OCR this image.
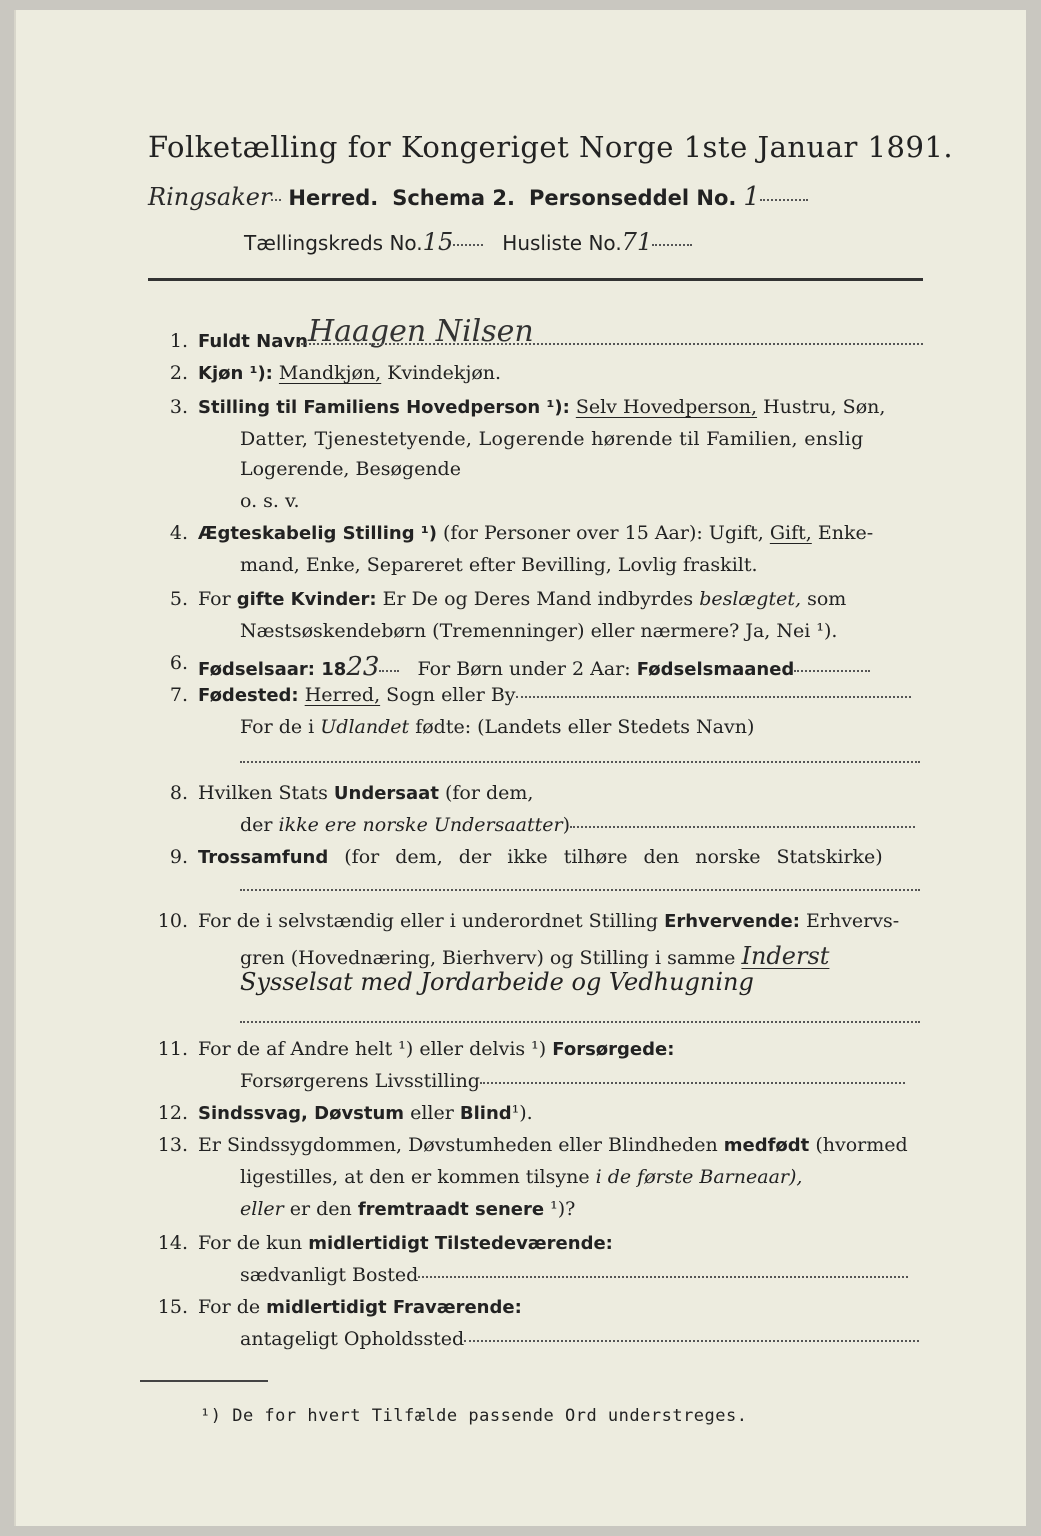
Folketælling for Kongeriget Norge 1ste Januar 1891.
Ringsaker Herred. Schema 2. Personseddel No. 1
Tællingskreds No.15 Husliste No.71
1. Fuldt Navn Haagen Nilsen
2. Kjøn ¹): Mandkjøn, Kvindekjøn.
3. Stilling til Familiens Hovedperson ¹): Selv Hovedperson, Hustru, Søn,
Datter, Tjenestetyende, Logerende hørende til Familien, enslig
Logerende, Besøgende
o. s. v.
4. Ægteskabelig Stilling ¹) (for Personer over 15 Aar): Ugift, Gift, Enke-
mand, Enke, Separeret efter Bevilling, Lovlig fraskilt.
5. For gifte Kvinder: Er De og Deres Mand indbyrdes beslægtet, som
Næstsøskendebørn (Tremenninger) eller nærmere? Ja, Nei ¹).
6. Fødselsaar: 1823 For Børn under 2 Aar: Fødselsmaaned
7. Fødested: Herred, Sogn eller By
For de i Udlandet fødte: (Landets eller Stedets Navn)
8. Hvilken Stats Undersaat (for dem,
der ikke ere norske Undersaatter)
9. Trossamfund (for dem, der ikke tilhøre den norske Statskirke)
10. For de i selvstændig eller i underordnet Stilling Erhvervende: Erhvervs-
gren (Hovednæring, Bierhverv) og Stilling i samme Inderst
Sysselsat med Jordarbeide og Vedhugning
11. For de af Andre helt ¹) eller delvis ¹) Forsørgede:
Forsørgerens Livsstilling
12. Sindssvag, Døvstum eller Blind¹).
13. Er Sindssygdommen, Døvstumheden eller Blindheden medfødt (hvormed
ligestilles, at den er kommen tilsyne i de første Barneaar),
eller er den fremtraadt senere ¹)?
14. For de kun midlertidigt Tilstedeværende:
sædvanligt Bosted
15. For de midlertidigt Fraværende:
antageligt Opholdssted
¹) De for hvert Tilfælde passende Ord understreges.
